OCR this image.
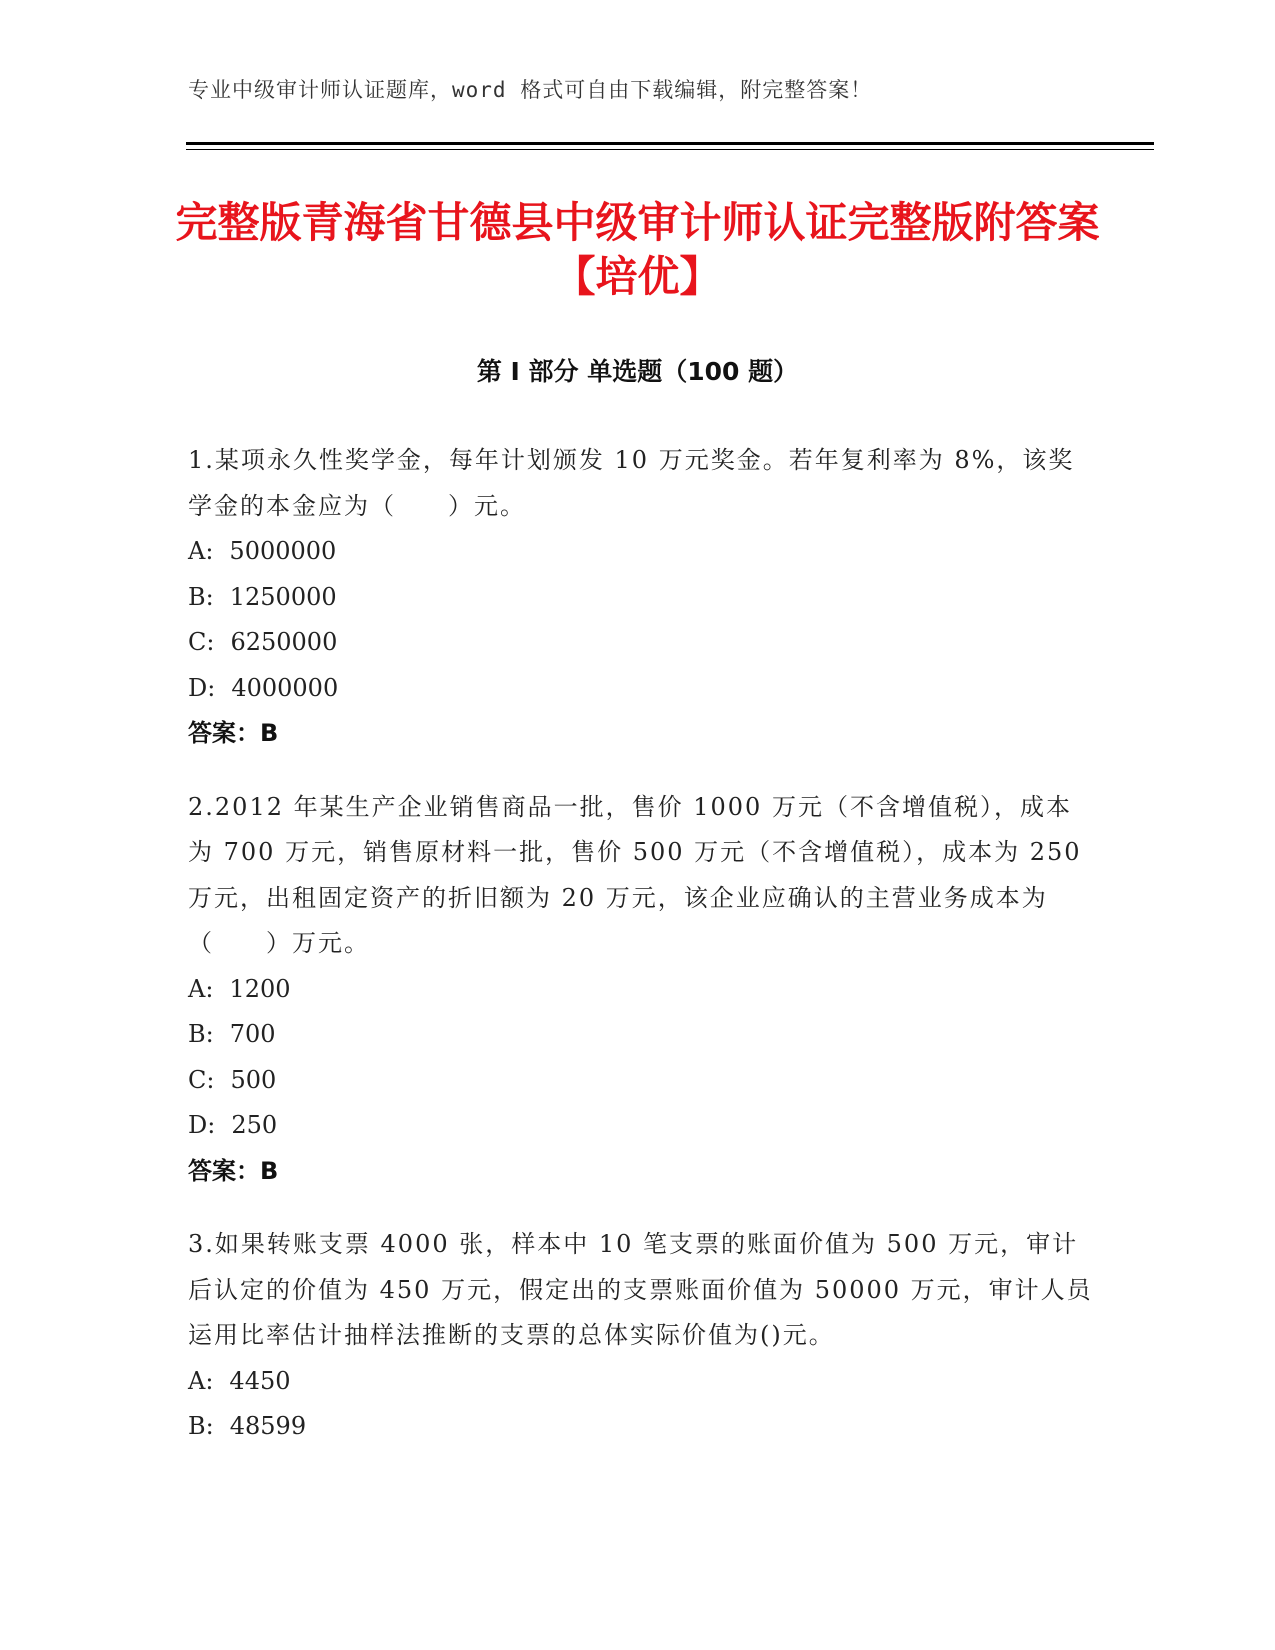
专业中级审计师认证题库，word 格式可自由下载编辑，附完整答案！
完整版青海省甘德县中级审计师认证完整版附答案【培优】
第 I 部分 单选题（100 题）

1.某项永久性奖学金，每年计划颁发 10 万元奖金。若年复利率为 8%，该奖学金的本金应为（　　）元。

A: 5000000
B: 1250000
C: 6250000
D: 4000000
答案：B

2.2012 年某生产企业销售商品一批，售价 1000 万元（不含增值税），成本为 700 万元，销售原材料一批，售价 500 万元（不含增值税），成本为 250 万元，出租固定资产的折旧额为 20 万元，该企业应确认的主营业务成本为（　　）万元。

A: 1200
B: 700
C: 500
D: 250
答案：B

3.如果转账支票 4000 张，样本中 10 笔支票的账面价值为 500 万元，审计后认定的价值为 450 万元，假定出的支票账面价值为 50000 万元，审计人员运用比率估计抽样法推断的支票的总体实际价值为()元。

A: 4450
B: 48599
